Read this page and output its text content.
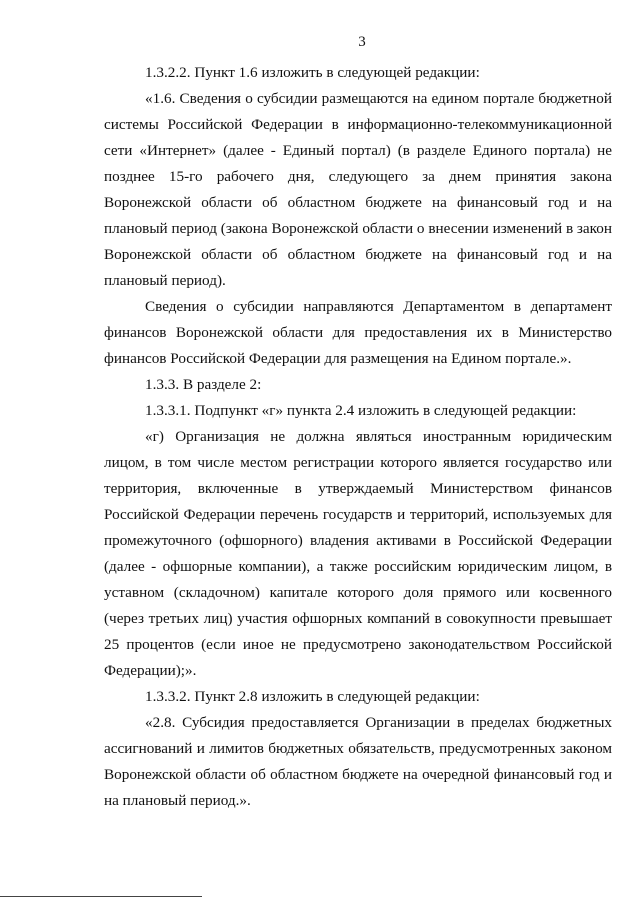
3

1.3.2.2. Пункт 1.6 изложить в следующей редакции:

«1.6. Сведения о субсидии размещаются на едином портале бюджетной системы Российской Федерации в информационно-телекоммуникационной сети «Интернет» (далее - Единый портал) (в разделе Единого портала) не позднее 15-го рабочего дня, следующего за днем принятия закона Воронежской области об областном бюджете на финансовый год и на плановый период (закона Воронежской области о внесении изменений в закон Воронежской области об областном бюджете на финансовый год и на плановый период).

Сведения о субсидии направляются Департаментом в департамент финансов Воронежской области для предоставления их в Министерство финансов Российской Федерации для размещения на Едином портале.».

1.3.3. В разделе 2:

1.3.3.1. Подпункт «г» пункта 2.4 изложить в следующей редакции:

«г) Организация не должна являться иностранным юридическим лицом, в том числе местом регистрации которого является государство или территория, включенные в утверждаемый Министерством финансов Российской Федерации перечень государств и территорий, используемых для промежуточного (офшорного) владения активами в Российской Федерации (далее - офшорные компании), а также российским юридическим лицом, в уставном (складочном) капитале которого доля прямого или косвенного (через третьих лиц) участия офшорных компаний в совокупности превышает 25 процентов (если иное не предусмотрено законодательством Российской Федерации);».

1.3.3.2. Пункт 2.8 изложить в следующей редакции:

«2.8. Субсидия предоставляется Организации в пределах бюджетных ассигнований и лимитов бюджетных обязательств, предусмотренных законом Воронежской области об областном бюджете на очередной финансовый год и на плановый период.».
